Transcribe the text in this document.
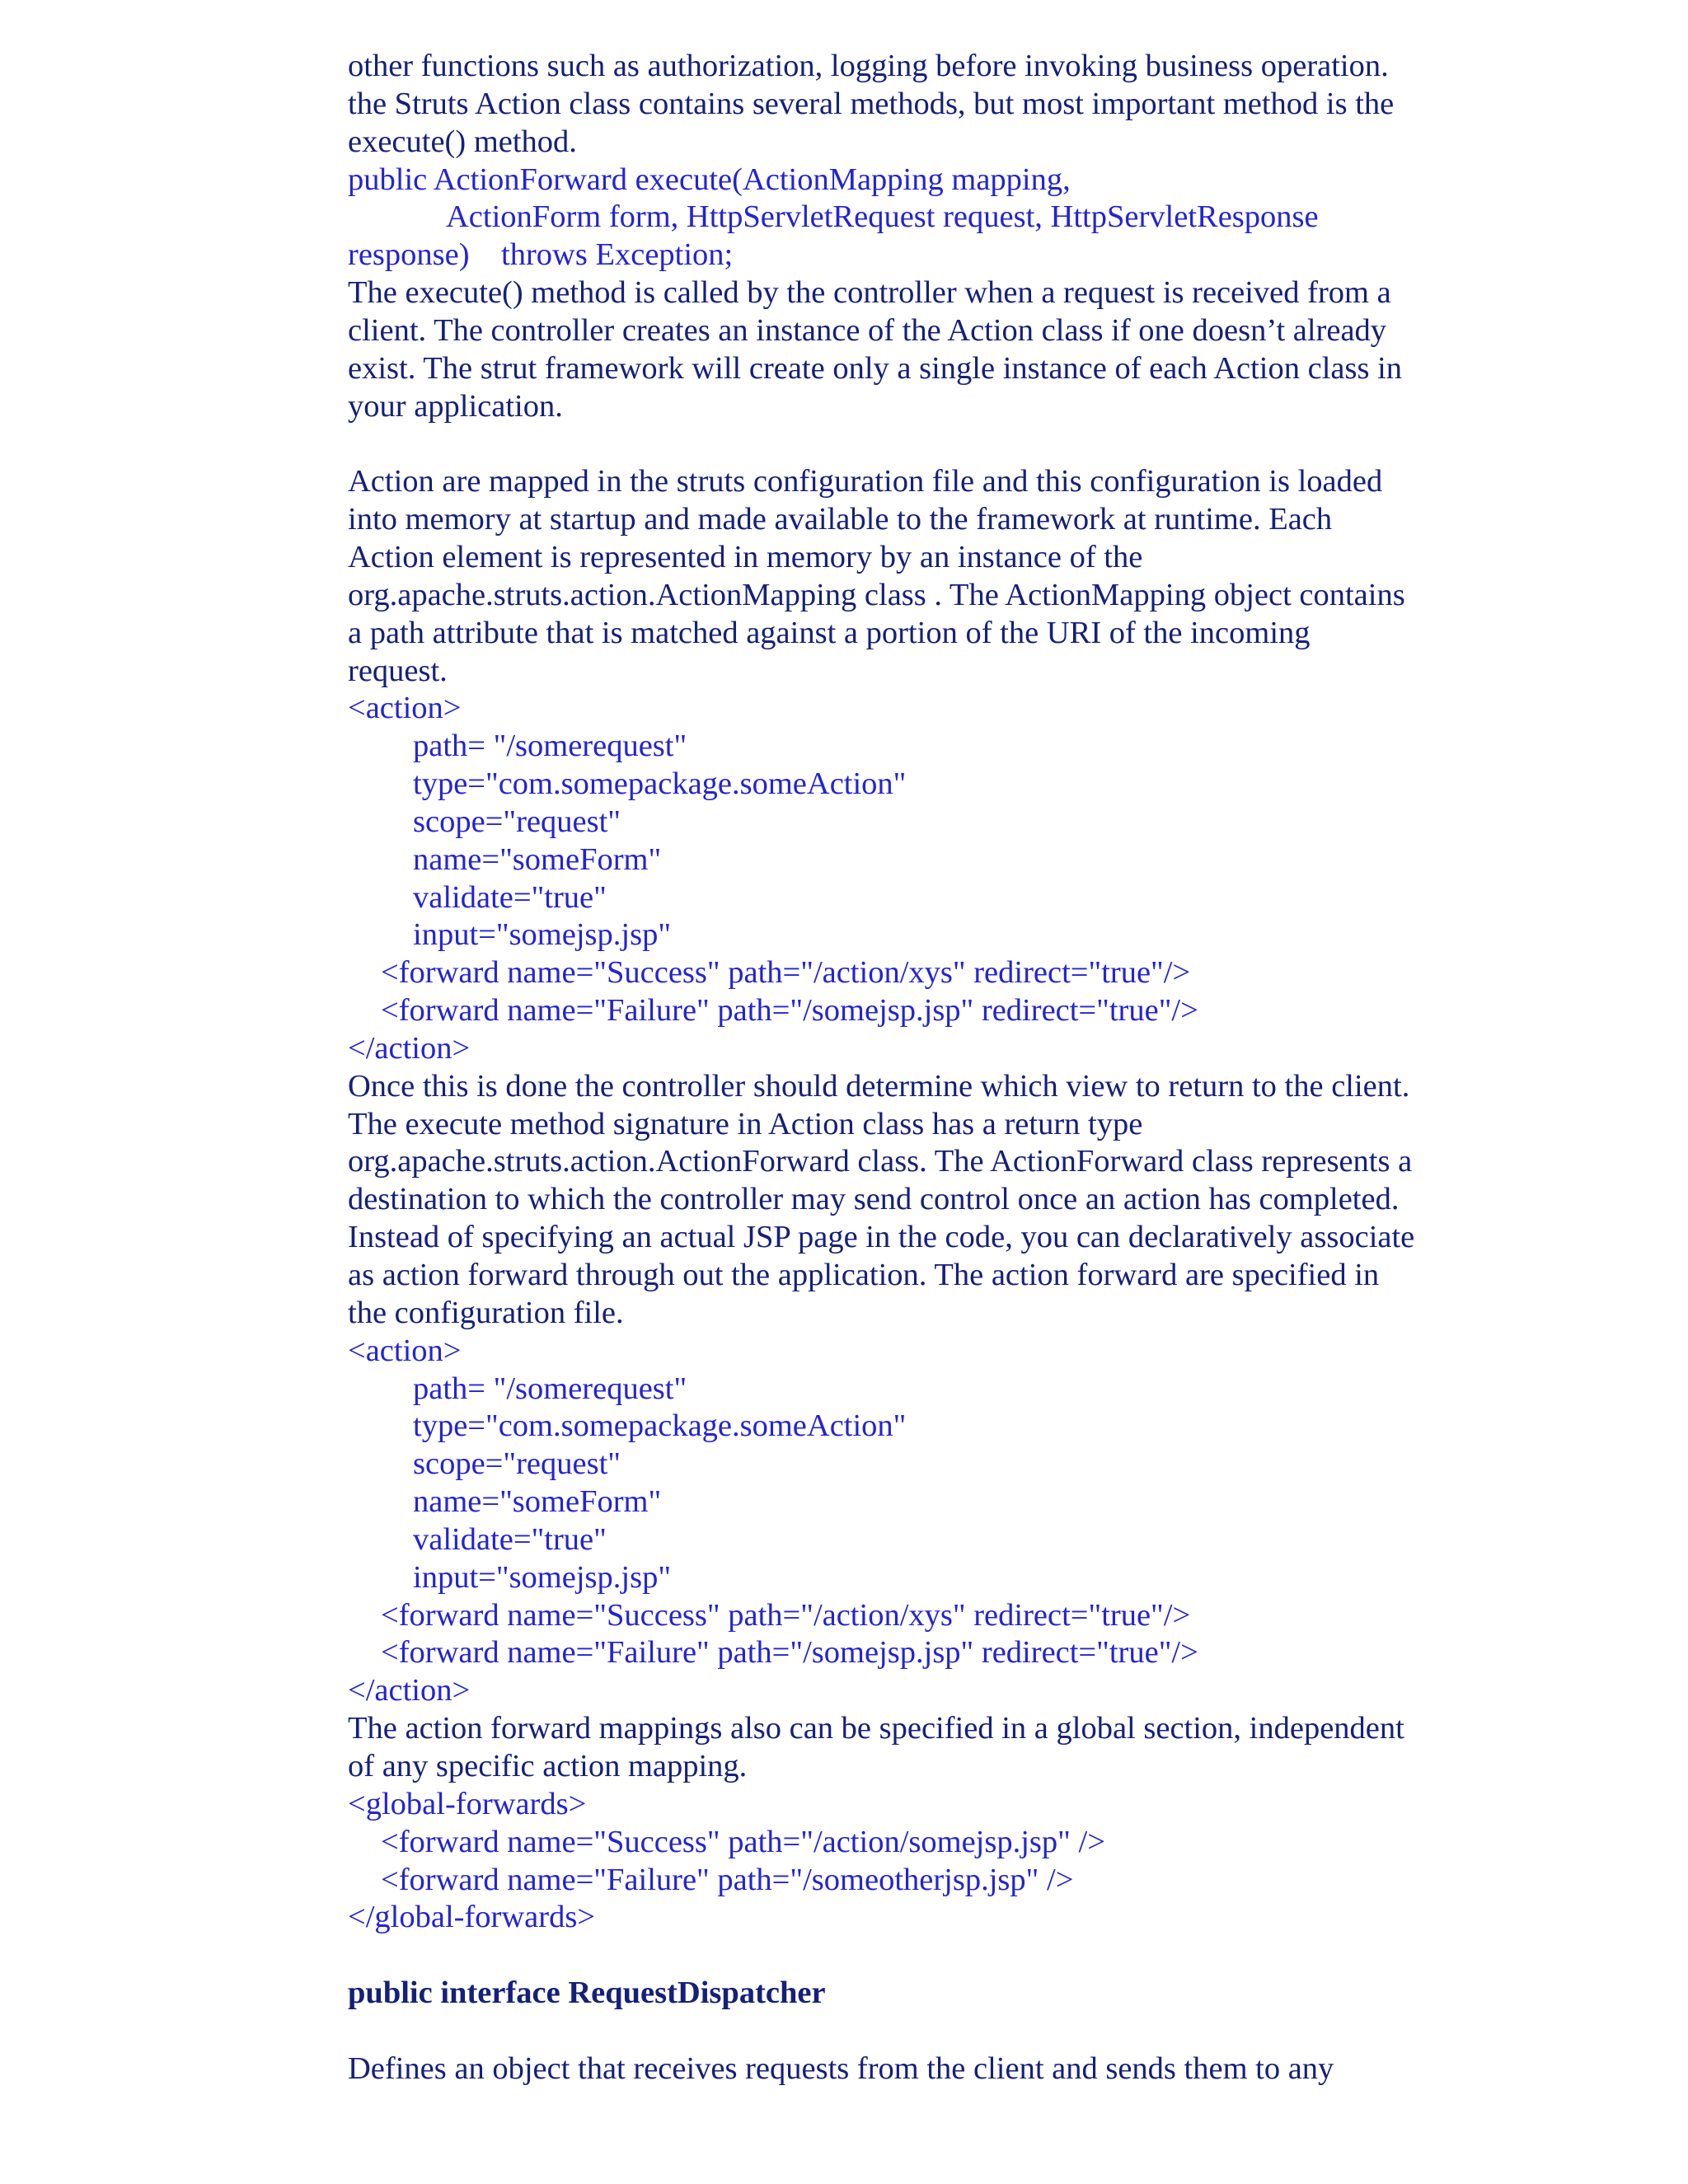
other functions such as authorization, logging before invoking business operation.
the Struts Action class contains several methods, but most important method is the
execute() method.
public ActionForward execute(ActionMapping mapping,
ActionForm form, HttpServletRequest request, HttpServletResponse
response)    throws Exception;
The execute() method is called by the controller when a request is received from a
client. The controller creates an instance of the Action class if one doesn’t already
exist. The strut framework will create only a single instance of each Action class in
your application.
Action are mapped in the struts configuration file and this configuration is loaded
into memory at startup and made available to the framework at runtime. Each
Action element is represented in memory by an instance of the
org.apache.struts.action.ActionMapping class . The ActionMapping object contains
a path attribute that is matched against a portion of the URI of the incoming
request.
<action>
path= "/somerequest"
type="com.somepackage.someAction"
scope="request"
name="someForm"
validate="true"
input="somejsp.jsp"
<forward name="Success" path="/action/xys" redirect="true"/>
<forward name="Failure" path="/somejsp.jsp" redirect="true"/>
</action>
Once this is done the controller should determine which view to return to the client.
The execute method signature in Action class has a return type
org.apache.struts.action.ActionForward class. The ActionForward class represents a
destination to which the controller may send control once an action has completed.
Instead of specifying an actual JSP page in the code, you can declaratively associate
as action forward through out the application. The action forward are specified in
the configuration file.
<action>
path= "/somerequest"
type="com.somepackage.someAction"
scope="request"
name="someForm"
validate="true"
input="somejsp.jsp"
<forward name="Success" path="/action/xys" redirect="true"/>
<forward name="Failure" path="/somejsp.jsp" redirect="true"/>
</action>
The action forward mappings also can be specified in a global section, independent
of any specific action mapping.
<global-forwards>
<forward name="Success" path="/action/somejsp.jsp" />
<forward name="Failure" path="/someotherjsp.jsp" />
</global-forwards>
public interface RequestDispatcher
Defines an object that receives requests from the client and sends them to any
